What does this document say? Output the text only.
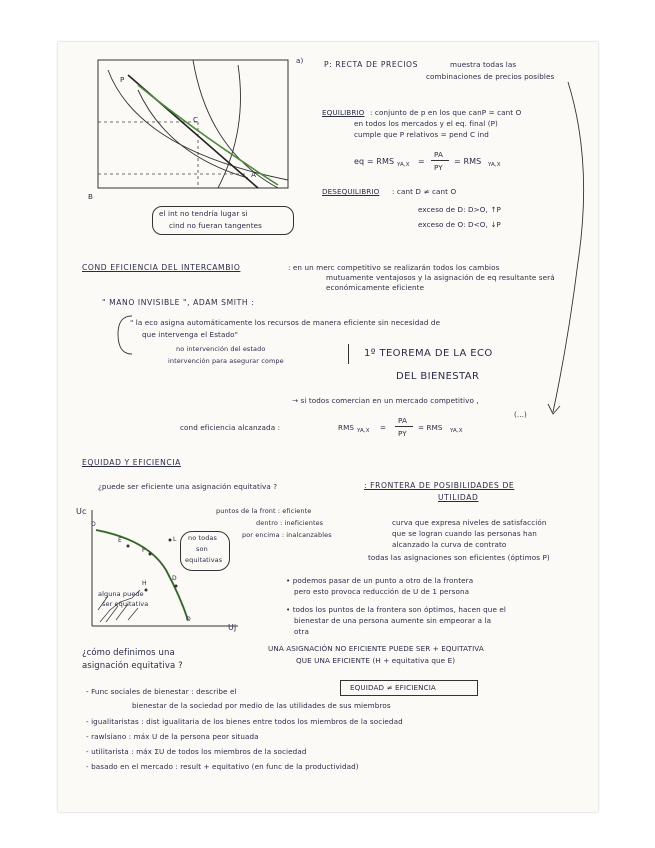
P
C
A
B
a)
el int no tendría lugar si
cind no fueran tangentes
P: RECTA DE PRECIOS	muestra todas las
combinaciones de precios posibles
EQUILIBRIO : conjunto de p en los que canP = cant O
en todos los mercados y el eq. final (P)
cumple que P relativos = pend C ind
eq = RMS YA,X =
PA
PY
= RMS YA,X
DESEQUILIBRIO : cant D ≠ cant O
exceso de D: D>O, ↑P
exceso de O: D<O, ↓P
COND EFICIENCIA DEL INTERCAMBIO	: en un merc competitivo se realizarán todos los cambios
mutuamente ventajosos y la asignación de eq resultante será
económicamente eficiente
" MANO INVISIBLE ", ADAM SMITH :
" la eco asigna automáticamente los recursos de manera eficiente sin necesidad de
que intervenga el Estado"
no intervención del estado
intervención para asegurar compe
1º TEOREMA DE LA ECO
DEL BIENESTAR
→ si todos comercian en un mercado competitivo ,
(...)
cond eficiencia alcanzada :	RMS YA,X =
PA
PY
= RMS YA,X
EQUIDAD Y EFICIENCIA
¿puede ser eficiente una asignación equitativa ?	: FRONTERA DE POSIBILIDADES DE
UTILIDAD
curva que expresa niveles de satisfacción
que se logran cuando las personas han
alcanzado la curva de contrato
todas las asignaciones son eficientes (óptimos P)
Uc
Uj
O
O
L
E
F
D
H
alguna puede
ser equitativa
no todas
son
equitativas
puntos de la front : eficiente
dentro : ineficientes
por encima : inalcanzables
• podemos pasar de un punto a otro de la frontera
pero esto provoca reducción de U de 1 persona
• todos los puntos de la frontera son óptimos, hacen que el
bienestar de una persona aumente sin empeorar a la
otra
UNA ASIGNACIÓN NO EFICIENTE PUEDE SER + EQUITATIVA
QUE UNA EFICIENTE (H + equitativa que E)
¿cómo definimos una
asignación equitativa ?
EQUIDAD ≠ EFICIENCIA
- Func sociales de bienestar : describe el
bienestar de la sociedad por medio de las utilidades de sus miembros
- igualitaristas : dist igualitaria de los bienes entre todos los miembros de la sociedad
- rawlsiano : máx U de la persona peor situada
- utilitarista : máx ΣU de todos los miembros de la sociedad
- basado en el mercado : result + equitativo (en func de la productividad)
